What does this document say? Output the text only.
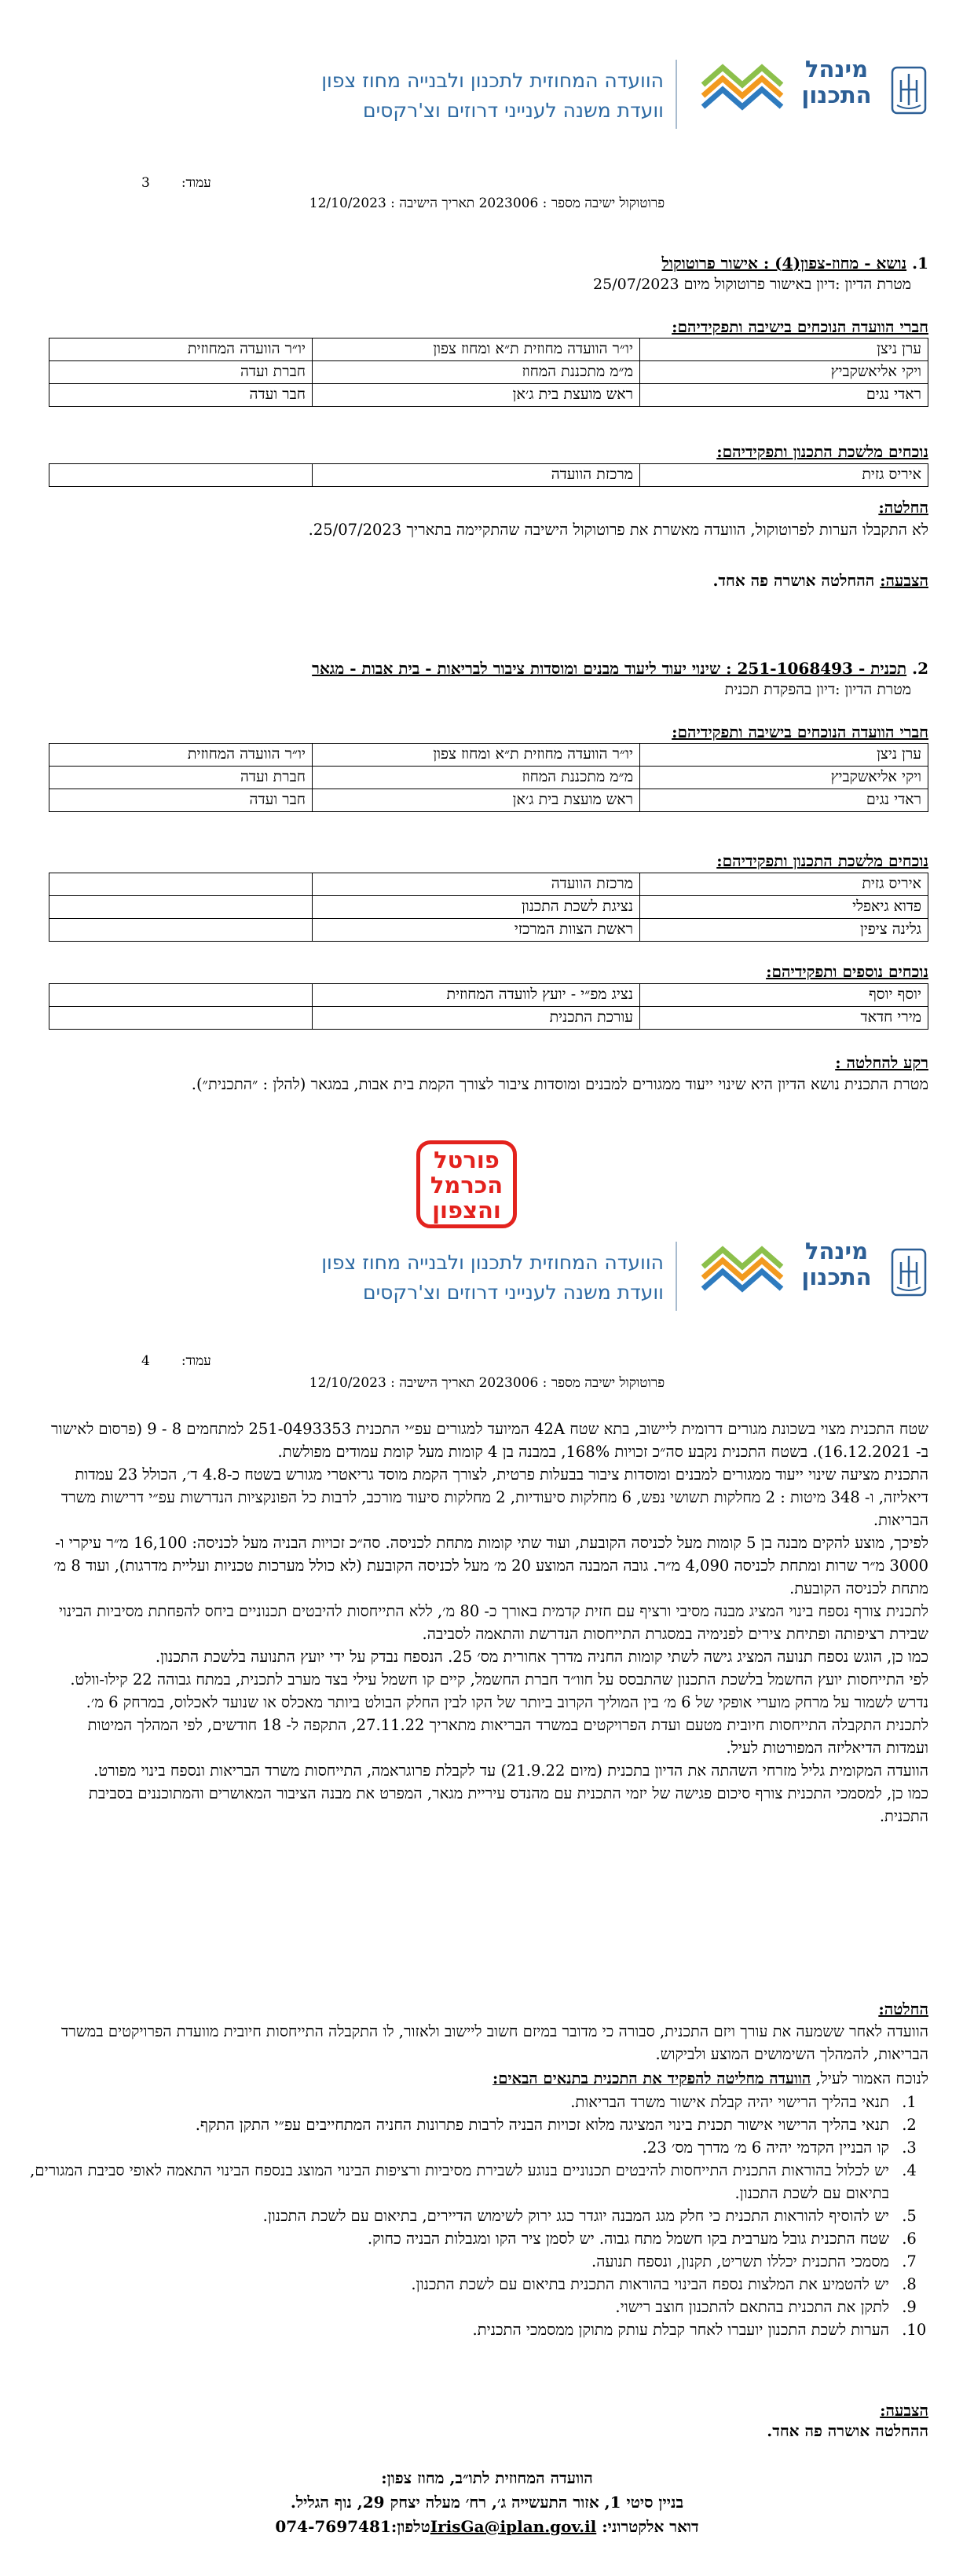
מינהל
התכנון
הוועדה המחוזית לתכנון ולבנייה מחוז צפון
וועדת משנה לענייני דרוזים וצ'רקסים
עמוד:3
פרוטוקול ישיבה מספר : 2023006 תאריך הישיבה : 12/10/2023
1. נושא - מחוז-צפון(4) : אישור פרוטוקול
מטרת הדיון :דיון באישור פרוטוקול מיום 25/07/2023
חברי הוועדה הנוכחים בישיבה ותפקידיהם:
ערן ניצן	יו״ר הוועדה מחוזית ת״א ומחוז צפון	יו״ר הוועדה המחוזית
ויקי אליאשקביץ	מ״מ מתכננת המחוז	חברת ועדה
ראדי נגים	ראש מועצת בית ג׳אן	חבר ועדה
נוכחים מלשכת התכנון ותפקידיהם:
איריס גזית	מרכזת הוועדה	
החלטה:
לא התקבלו הערות לפרוטוקול, הוועדה מאשרת את פרוטוקול הישיבה שהתקיימה בתאריך 25/07/2023.
הצבעה: ההחלטה אושרה פה אחד.
2. תכנית - 251-1068493 : שינוי יעוד ליעוד מבנים ומוסדות ציבור לבריאות - בית אבות - מגאר
מטרת הדיון :דיון בהפקדת תכנית
חברי הוועדה הנוכחים בישיבה ותפקידיהם:
ערן ניצן	יו״ר הוועדה מחוזית ת״א ומחוז צפון	יו״ר הוועדה המחוזית
ויקי אליאשקביץ	מ״מ מתכננת המחוז	חברת ועדה
ראדי נגים	ראש מועצת בית ג׳אן	חבר ועדה
נוכחים מלשכת התכנון ותפקידיהם:
איריס גזית	מרכזת הוועדה	
פדוא גיאפלי	נציגת לשכת התכנון	
גלינה ציפין	ראשת הצוות המרכזי	
נוכחים נוספים ותפקידיהם:
יוסף יוסף	נציג מפ״י - יועץ לוועדה המחוזית	
מירי חדאד	עורכת התכנית	
רקע להחלטה :
מטרת התכנית נושא הדיון היא שינוי ייעוד ממגורים למבנים ומוסדות ציבור לצורך הקמת בית אבות, במגאר (להלן : ״התכנית״).
פורטל
הכרמל
והצפון
מינהל
התכנון
הוועדה המחוזית לתכנון ולבנייה מחוז צפון
וועדת משנה לענייני דרוזים וצ'רקסים
עמוד:4
פרוטוקול ישיבה מספר : 2023006 תאריך הישיבה : 12/10/2023
שטח התכנית מצוי בשכונת מגורים דרומית ליישוב, בתא שטח 42A המיועד למגורים עפ״י התכנית 251-0493353 למתחמים 8 - 9 (פרסום לאישור ב- 16.12.2021). בשטח התכנית נקבע סה״כ זכויות 168%, במבנה בן 4 קומות מעל קומת עמודים מפולשת.
התכנית מציעה שינוי ייעוד ממגורים למבנים ומוסדות ציבור בבעלות פרטית, לצורך הקמת מוסד גריאטרי מגורש בשטח כ-4.8 ד׳, הכולל 23 עמדות דיאליזה, ו- 348 מיטות : 2 מחלקות תשושי נפש, 6 מחלקות סיעודיות, 2 מחלקות סיעוד מורכב, לרבות כל הפונקציות הנדרשות עפ״י דרישות משרד הבריאות.
לפיכך, מוצע להקים מבנה בן 5 קומות מעל לכניסה הקובעת, ועוד שתי קומות מתחת לכניסה. סה״כ זכויות הבניה מעל לכניסה: 16,100 מ״ר עיקרי ו- 3000 מ״ר שרות ומתחת לכניסה 4,090 מ״ר. גובה המבנה המוצע 20 מ׳ מעל לכניסה הקובעת (לא כולל מערכות טכניות ועליית מדרגות), ועוד 8 מ׳ מתחת לכניסה הקובעת.
לתכנית צורף נספח בינוי המציג מבנה מסיבי ורציף עם חזית קדמית באורך כ- 80 מ׳, ללא התייחסות להיבטים תכנוניים ביחס להפחתת מסיביות הבינוי שבירת רציפותה ופתיחת צירים לפנימיה במסגרת התייחסות הנדרשת והתאמה לסביבה.
כמו כן, הוגש נספח תנועה המציג גישה לשתי קומות החניה מדרך אחורית מס׳ 25. הנספח נבדק על ידי יועץ התנועה בלשכת התכנון.
לפי התייחסות יועץ החשמל בלשכת התכנון שהתבסס על חוו״ד חברת החשמל, קיים קו חשמל עילי בצד מערב לתכנית, במתח גבוהה 22 קילו-וולט. נדרש לשמור על מרחק מוערי אופקי של 6 מ׳ בין המוליך הקרוב ביותר של הקו לבין החלק הבולט ביותר מאכלס או שנועד לאכלוס, במרחק 6 מ׳.
לתכנית התקבלה התייחסות חיובית מטעם ועדת הפרויקטים במשרד הבריאות מתאריך 27.11.22, התקפה ל- 18 חודשים, לפי המהלך המיטות ועמדות הדיאליזה המפורטות לעיל.
הוועדה המקומית גליל מזרחי השהתה את הדיון בתכנית (מיום 21.9.22) עד לקבלת פרוגראמה, התייחסות משרד הבריאות ונספח בינוי מפורט.
כמו כן, למסמכי התכנית צורף סיכום פגישה של יזמי התכנית עם מהנדס עיריית מגאר, המפרט את מבנה הציבור המאושרים והמתוכננים בסביבת התכנית.
החלטה:
הוועדה לאחר ששמעה את עורך ויזם התכנית, סבורה כי מדובר במיזם חשוב ליישוב ולאזור, לו התקבלה התייחסות חיובית מוועדת הפרויקטים במשרד הבריאות, להמהלך השימושים המוצע ולביקוש.
לנוכח האמור לעיל, הוועדה מחליטה להפקיד את התכנית בתנאים הבאים:
1. תנאי בהליך הרישוי יהיה קבלת אישור משרד הבריאות.
2. תנאי בהליך הרישוי אישור תכנית בינוי המציגה מלוא זכויות הבניה לרבות פתרונות החניה המתחייבים עפ״י התקן התקף.
3. קו הבניין הקדמי יהיה 6 מ׳ מדרך מס׳ 23.
4. יש לכלול בהוראות התכנית התייחסות להיבטים תכנוניים בנוגע לשבירת מסיביות ורציפות הבינוי המוצג בנספח הבינוי התאמה לאופי סביבת המגורים, בתיאום עם לשכת התכנון.
5. יש להוסיף להוראות התכנית כי חלק מגג המבנה יוגדר כגג ירוק לשימוש הדיירים, בתיאום עם לשכת התכנון.
6. שטח התכנית גובל מערבית בקו חשמל מתח גבוה. יש לסמן ציר הקו ומגבלות הבניה כחוק.
7. מסמכי התכנית יכללו תשריט, תקנון, ונספח תנועה.
8. יש להטמיע את המלצות נספח הבינוי בהוראות התכנית בתיאום עם לשכת התכנון.
9. לתקן את התכנית בהתאם להתכנון חוצב רישוי.
10. הערות לשכת התכנון יועברו לאחר קבלת עותק מתוקן ממסמכי התכנית.
הצבעה:
ההחלטה אושרה פה אחד.
הוועדה המחוזית לתו״ב, מחוז צפון:
בניין סיטי 1, אזור התעשייה ג׳, רח׳ מעלה יצחק 29, נוף הגליל.
דואר אלקטרוני: IrisGa@iplan.gov.ilטלפון:074-7697481
